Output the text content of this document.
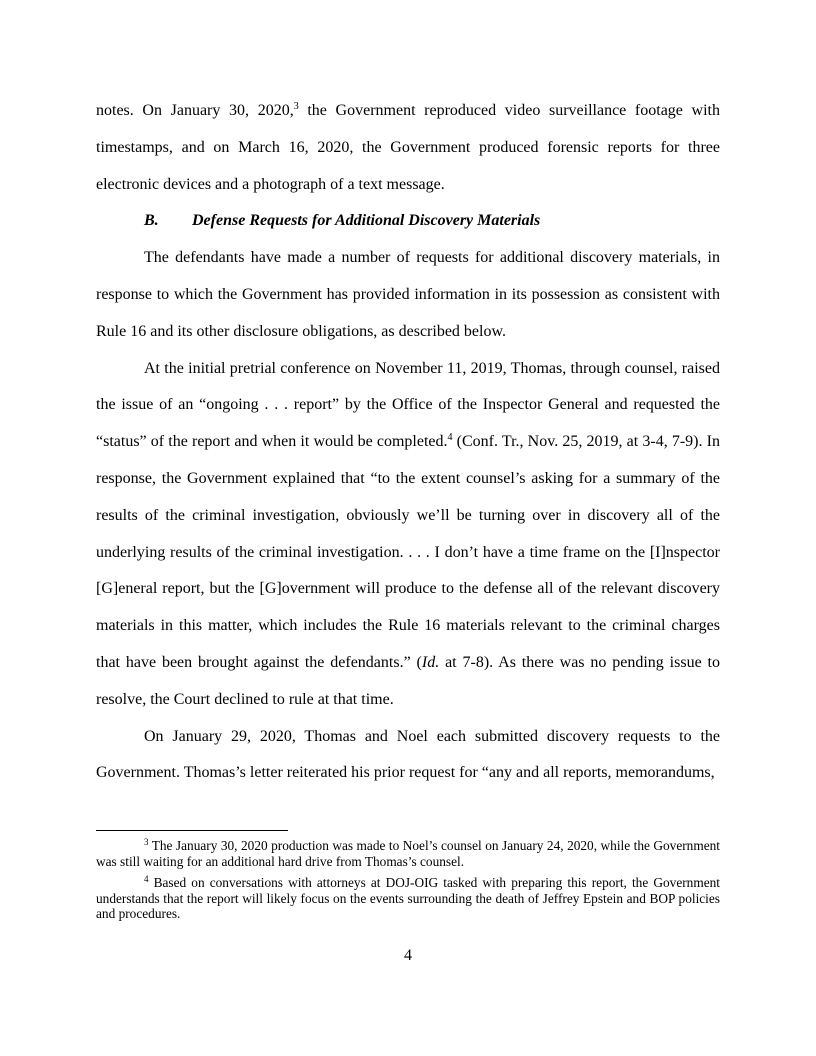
notes. On January 30, 2020,$^3$ the Government reproduced video surveillance footage with timestamps, and on March 16, 2020, the Government produced forensic reports for three electronic devices and a photograph of a text message.

B. Defense Requests for Additional Discovery Materials

The defendants have made a number of requests for additional discovery materials, in response to which the Government has provided information in its possession as consistent with Rule 16 and its other disclosure obligations, as described below.

At the initial pretrial conference on November 11, 2019, Thomas, through counsel, raised the issue of an “ongoing . . . report” by the Office of the Inspector General and requested the “status” of the report and when it would be completed.$^4$ (Conf. Tr., Nov. 25, 2019, at 3-4, 7-9). In response, the Government explained that “to the extent counsel’s asking for a summary of the results of the criminal investigation, obviously we’ll be turning over in discovery all of the underlying results of the criminal investigation. . . . I don’t have a time frame on the [I]nspector [G]eneral report, but the [G]overnment will produce to the defense all of the relevant discovery materials in this matter, which includes the Rule 16 materials relevant to the criminal charges that have been brought against the defendants.” (Id. at 7-8). As there was no pending issue to resolve, the Court declined to rule at that time.

On January 29, 2020, Thomas and Noel each submitted discovery requests to the Government. Thomas’s letter reiterated his prior request for “any and all reports, memorandums,

$^3$ The January 30, 2020 production was made to Noel’s counsel on January 24, 2020, while the Government was still waiting for an additional hard drive from Thomas’s counsel.

$^4$ Based on conversations with attorneys at DOJ-OIG tasked with preparing this report, the Government understands that the report will likely focus on the events surrounding the death of Jeffrey Epstein and BOP policies and procedures.

4
